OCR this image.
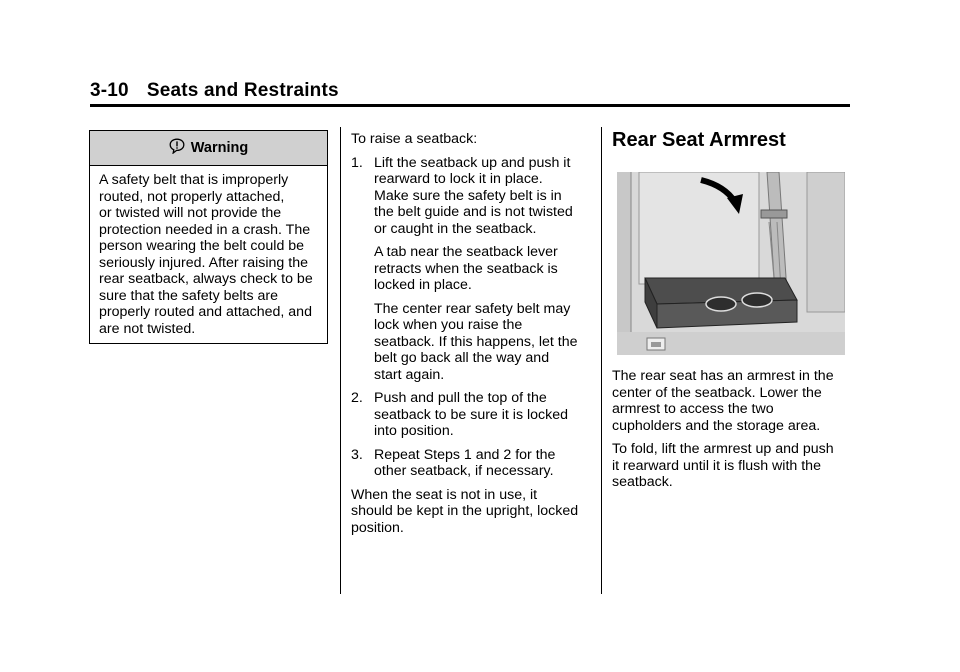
3-10 Seats and Restraints
Warning
A safety belt that is improperly
routed, not properly attached,
or twisted will not provide the
protection needed in a crash. The
person wearing the belt could be
seriously injured. After raising the
rear seatback, always check to be
sure that the safety belts are
properly routed and attached, and
are not twisted.

To raise a seatback:

1. Lift the seatback up and push it
rearward to lock it in place.
Make sure the safety belt is in
the belt guide and is not twisted
or caught in the seatback.

A tab near the seatback lever
retracts when the seatback is
locked in place.

The center rear safety belt may
lock when you raise the
seatback. If this happens, let the
belt go back all the way and
start again.

2. Push and pull the top of the
seatback to be sure it is locked
into position.

3. Repeat Steps 1 and 2 for the
other seatback, if necessary.

When the seat is not in use, it
should be kept in the upright, locked
position.

Rear Seat Armrest

The rear seat has an armrest in the
center of the seatback. Lower the
armrest to access the two
cupholders and the storage area.

To fold, lift the armrest up and push
it rearward until it is flush with the
seatback.
